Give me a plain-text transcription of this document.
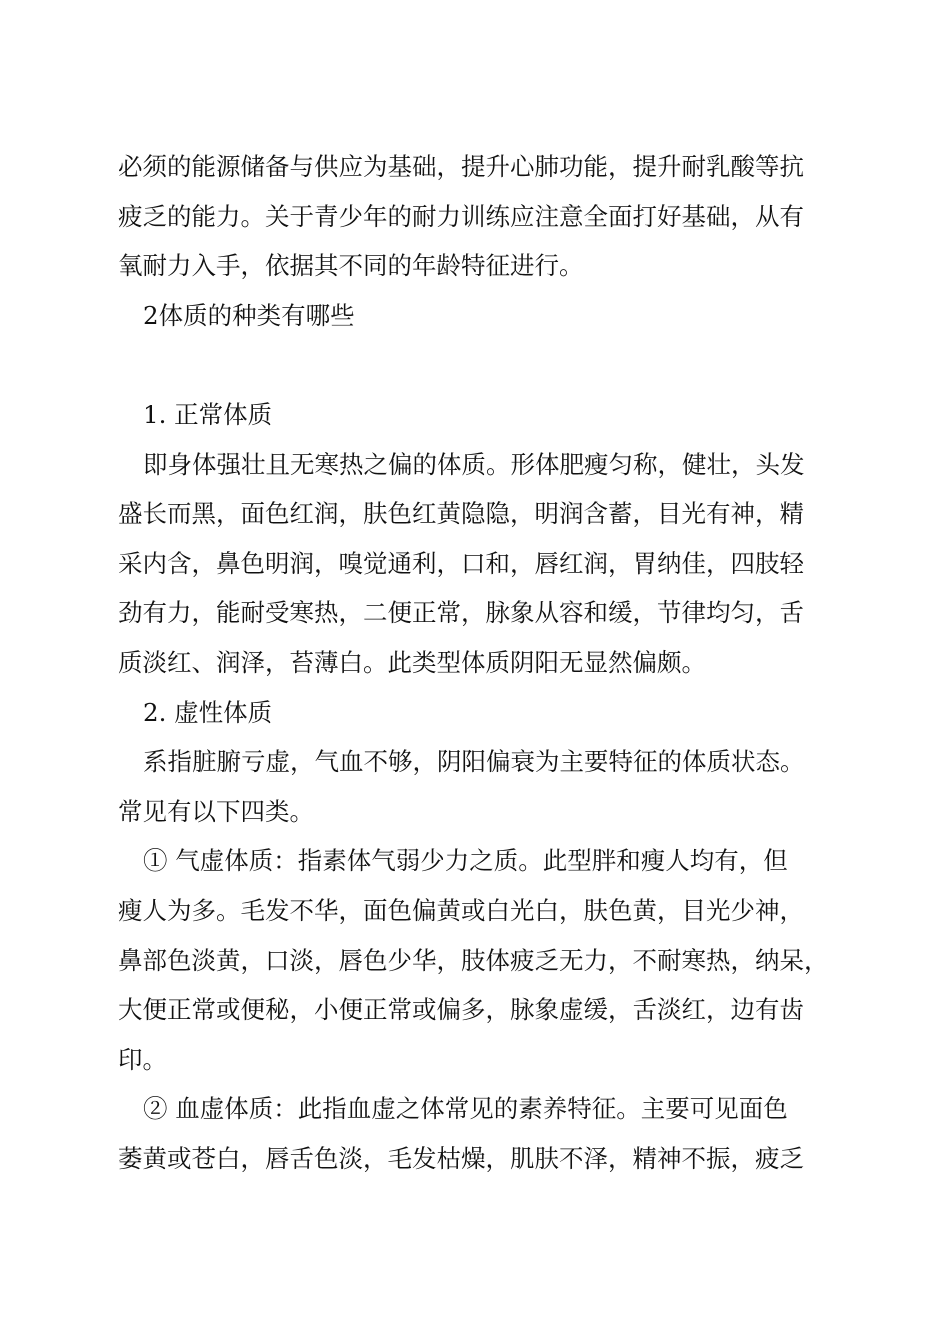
必须的能源储备与供应为基础，提升心肺功能，提升耐乳酸等抗
疲乏的能力。关于青少年的耐力训练应注意全面打好基础，从有
氧耐力入手，依据其不同的年龄特征进行。
2体质的种类有哪些
1. 正常体质
即身体强壮且无寒热之偏的体质。形体肥瘦匀称，健壮，头发
盛长而黑，面色红润，肤色红黄隐隐，明润含蓄，目光有神，精
采内含，鼻色明润，嗅觉通利，口和，唇红润，胃纳佳，四肢轻
劲有力，能耐受寒热，二便正常，脉象从容和缓，节律均匀，舌
质淡红、润泽，苔薄白。此类型体质阴阳无显然偏颇。
2. 虚性体质
系指脏腑亏虚，气血不够，阴阳偏衰为主要特征的体质状态。
常见有以下四类。
① 气虚体质：指素体气弱少力之质。此型胖和瘦人均有，但
瘦人为多。毛发不华，面色偏黄或白光白，肤色黄，目光少神，
鼻部色淡黄，口淡，唇色少华，肢体疲乏无力，不耐寒热，纳呆，
大便正常或便秘，小便正常或偏多，脉象虚缓，舌淡红，边有齿
印。
② 血虚体质：此指血虚之体常见的素养特征。主要可见面色
萎黄或苍白，唇舌色淡，毛发枯燥，肌肤不泽，精神不振，疲乏
